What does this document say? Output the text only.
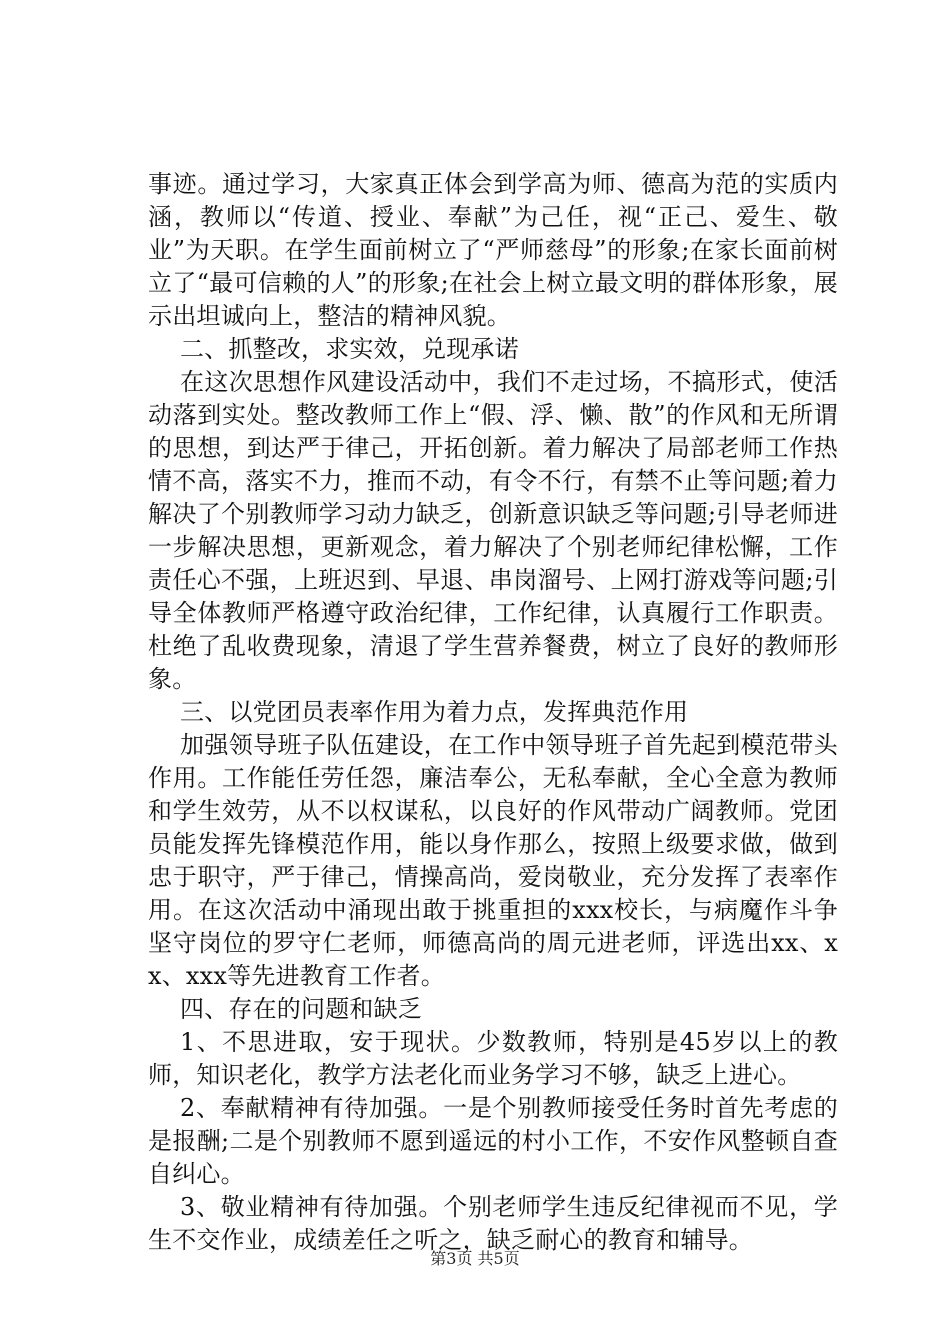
事迹。通过学习，大家真正体会到学高为师、德高为范的实质内涵，教师以“传道、授业、奉献”为己任，视“正己、爱生、敬业”为天职。在学生面前树立了“严师慈母”的形象;在家长面前树立了“最可信赖的人”的形象;在社会上树立最文明的群体形象，展示出坦诚向上，整洁的精神风貌。

二、抓整改，求实效，兑现承诺

在这次思想作风建设活动中，我们不走过场，不搞形式，使活动落到实处。整改教师工作上“假、浮、懒、散”的作风和无所谓的思想，到达严于律己，开拓创新。着力解决了局部老师工作热情不高，落实不力，推而不动，有令不行，有禁不止等问题;着力解决了个别教师学习动力缺乏，创新意识缺乏等问题;引导老师进一步解决思想，更新观念，着力解决了个别老师纪律松懈，工作责任心不强，上班迟到、早退、串岗溜号、上网打游戏等问题;引导全体教师严格遵守政治纪律，工作纪律，认真履行工作职责。杜绝了乱收费现象，清退了学生营养餐费，树立了良好的教师形象。

三、以党团员表率作用为着力点，发挥典范作用

加强领导班子队伍建设，在工作中领导班子首先起到模范带头作用。工作能任劳任怨，廉洁奉公，无私奉献，全心全意为教师和学生效劳，从不以权谋私，以良好的作风带动广阔教师。党团员能发挥先锋模范作用，能以身作那么，按照上级要求做，做到忠于职守，严于律己，情操高尚，爱岗敬业，充分发挥了表率作用。在这次活动中涌现出敢于挑重担的xxx校长，与病魔作斗争坚守岗位的罗守仁老师，师德高尚的周元进老师，评选出xx、xx、xxx等先进教育工作者。

四、存在的问题和缺乏

1、不思进取，安于现状。少数教师，特别是45岁以上的教师，知识老化，教学方法老化而业务学习不够，缺乏上进心。

2、奉献精神有待加强。一是个别教师接受任务时首先考虑的是报酬;二是个别教师不愿到遥远的村小工作，不安作风整顿自查自纠心。

3、敬业精神有待加强。个别老师学生违反纪律视而不见，学生不交作业，成绩差任之听之，缺乏耐心的教育和辅导。

第3页 共5页
